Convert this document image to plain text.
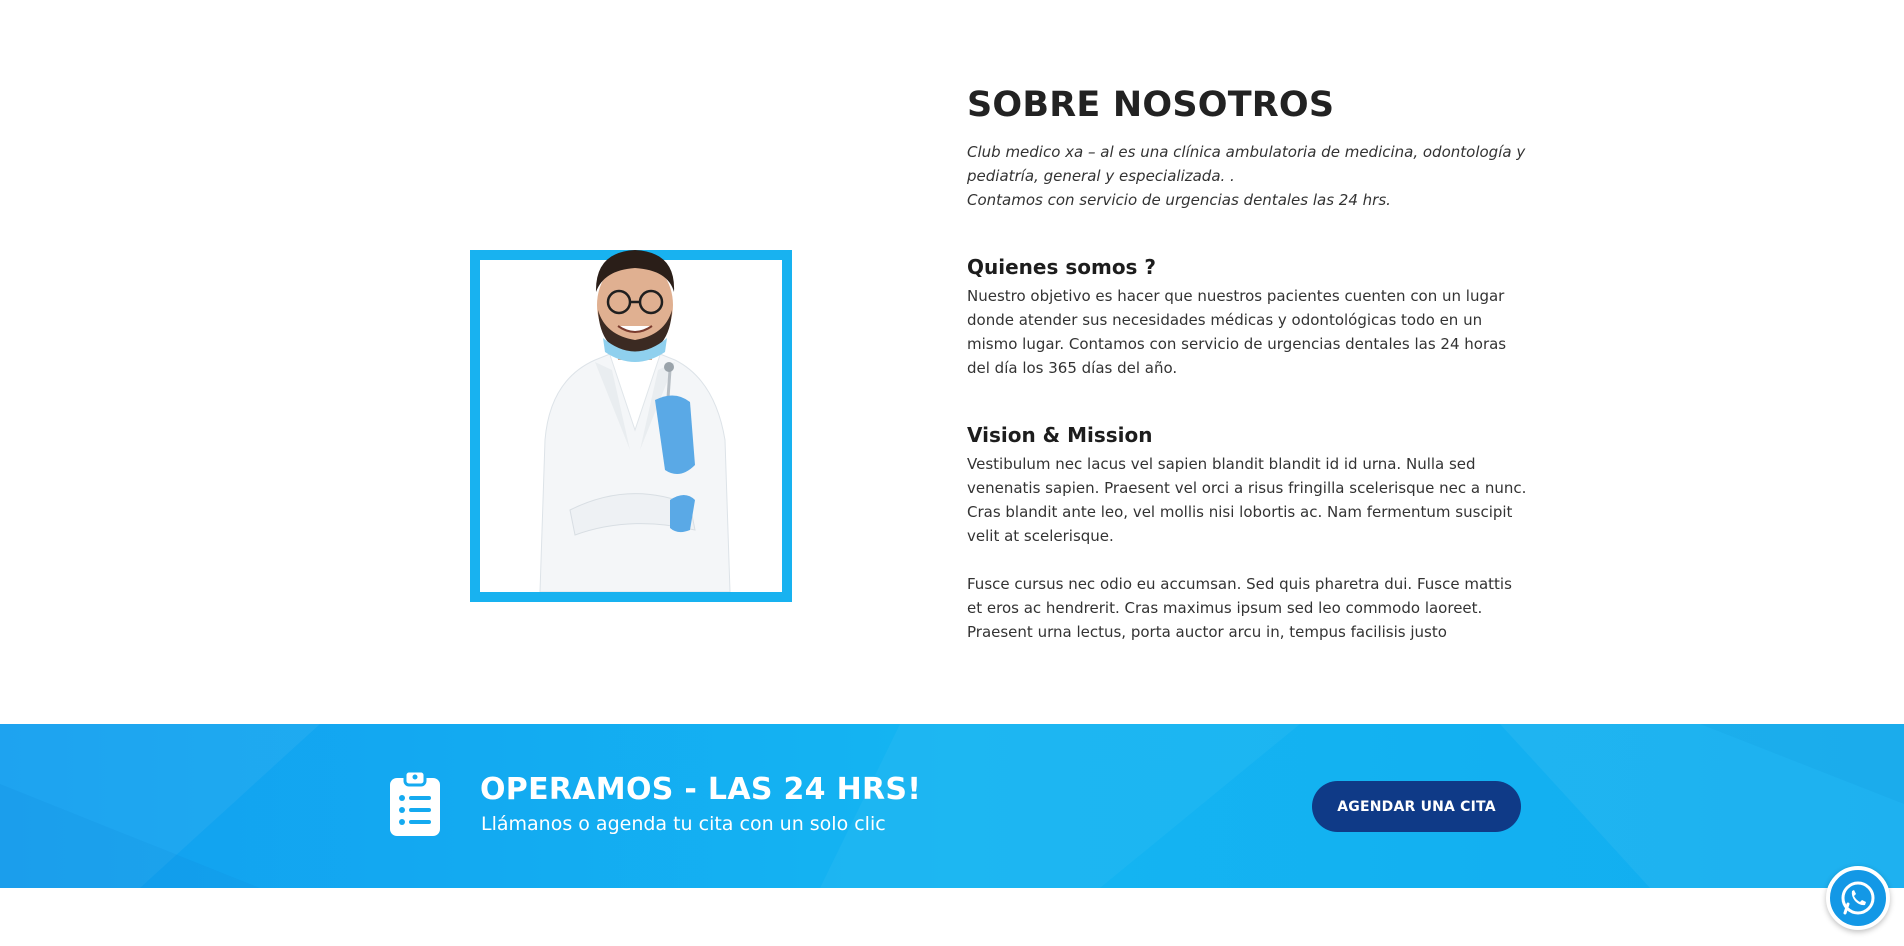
SOBRE NOSOTROS

Club medico xa – al es una clínica ambulatoria de medicina, odontología y pediatría, general y especializada. .
Contamos con servicio de urgencias dentales las 24 hrs.

Quienes somos ?

Nuestro objetivo es hacer que nuestros pacientes cuenten con un lugar donde atender sus necesidades médicas y odontológicas todo en un mismo lugar. Contamos con servicio de urgencias dentales las 24 horas del día los 365 días del año.

Vision & Mission

Vestibulum nec lacus vel sapien blandit blandit id id urna. Nulla sed venenatis sapien. Praesent vel orci a risus fringilla scelerisque nec a nunc. Cras blandit ante leo, vel mollis nisi lobortis ac. Nam fermentum suscipit velit at scelerisque.

Fusce cursus nec odio eu accumsan. Sed quis pharetra dui. Fusce mattis et eros ac hendrerit. Cras maximus ipsum sed leo commodo laoreet. Praesent urna lectus, porta auctor arcu in, tempus facilisis justo

OPERAMOS - LAS 24 HRS!

Llámanos o agenda tu cita con un solo clic

AGENDAR UNA CITA
